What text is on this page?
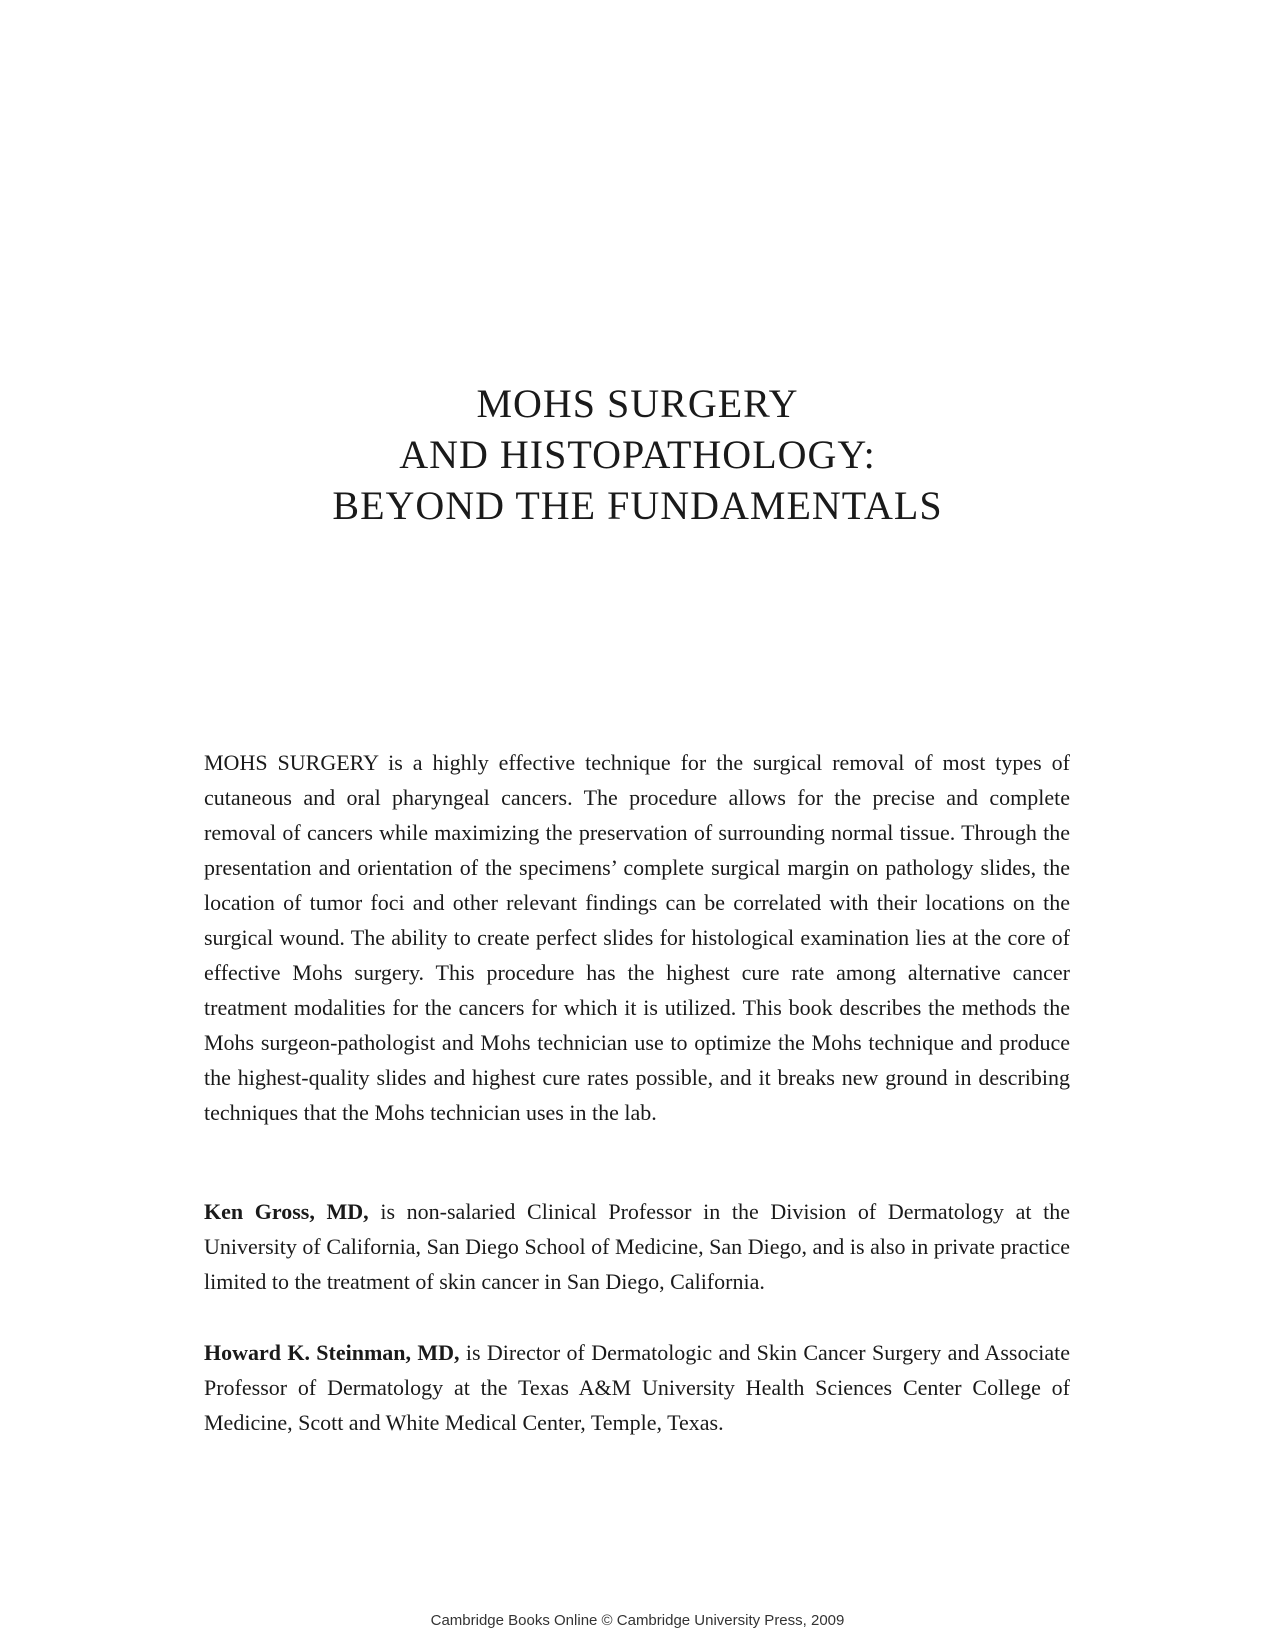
MOHS SURGERY
AND HISTOPATHOLOGY:
BEYOND THE FUNDAMENTALS

MOHS SURGERY is a highly effective technique for the surgical removal of most types of cutaneous and oral pharyngeal cancers. The procedure allows for the precise and complete removal of cancers while maximizing the preservation of surrounding normal tissue. Through the presentation and orientation of the specimens’ complete surgical margin on pathology slides, the location of tumor foci and other relevant findings can be correlated with their locations on the surgical wound. The ability to create perfect slides for histological examination lies at the core of effective Mohs surgery. This procedure has the highest cure rate among alternative cancer treatment modalities for the cancers for which it is utilized. This book describes the methods the Mohs surgeon-pathologist and Mohs technician use to optimize the Mohs technique and produce the highest-quality slides and highest cure rates possible, and it breaks new ground in describing techniques that the Mohs technician uses in the lab.

Ken Gross, MD, is non-salaried Clinical Professor in the Division of Dermatology at the University of California, San Diego School of Medicine, San Diego, and is also in private practice limited to the treatment of skin cancer in San Diego, California.

Howard K. Steinman, MD, is Director of Dermatologic and Skin Cancer Surgery and Associate Professor of Dermatology at the Texas A&M University Health Sciences Center College of Medicine, Scott and White Medical Center, Temple, Texas.

Cambridge Books Online © Cambridge University Press, 2009
